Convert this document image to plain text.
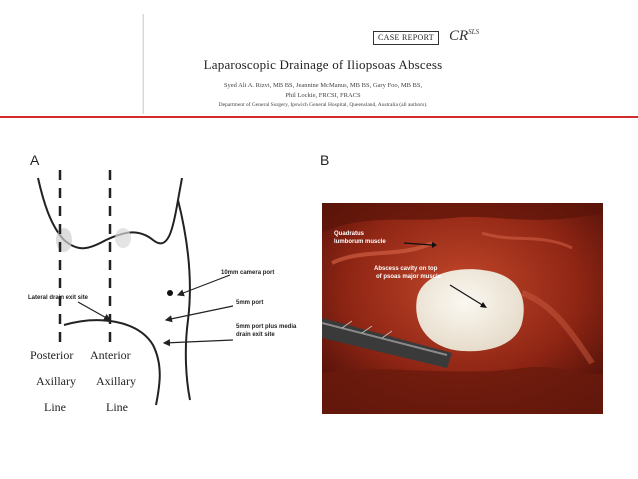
CASE REPORT	$CR^{SLS}$
Laparoscopic Drainage of Iliopsoas Abscess
Syed Ali A. Rizvi, MB BS, Jeannine McManus, MB BS, Gary Foo, MB BS,
Phil Lockie, FRCSI, FRACS
Department of General Surgery, Ipswich General Hospital, Queensland, Australia (all authors).
A	B
10mm camera port
Lateral drain exit site
5mm port
5mm port plus media
drain exit site
Posterior
Axillary
Line
Anterior
Axillary
Line
Quadratus
lumborum muscle
Abscess cavity on top
of psoas major muscle
